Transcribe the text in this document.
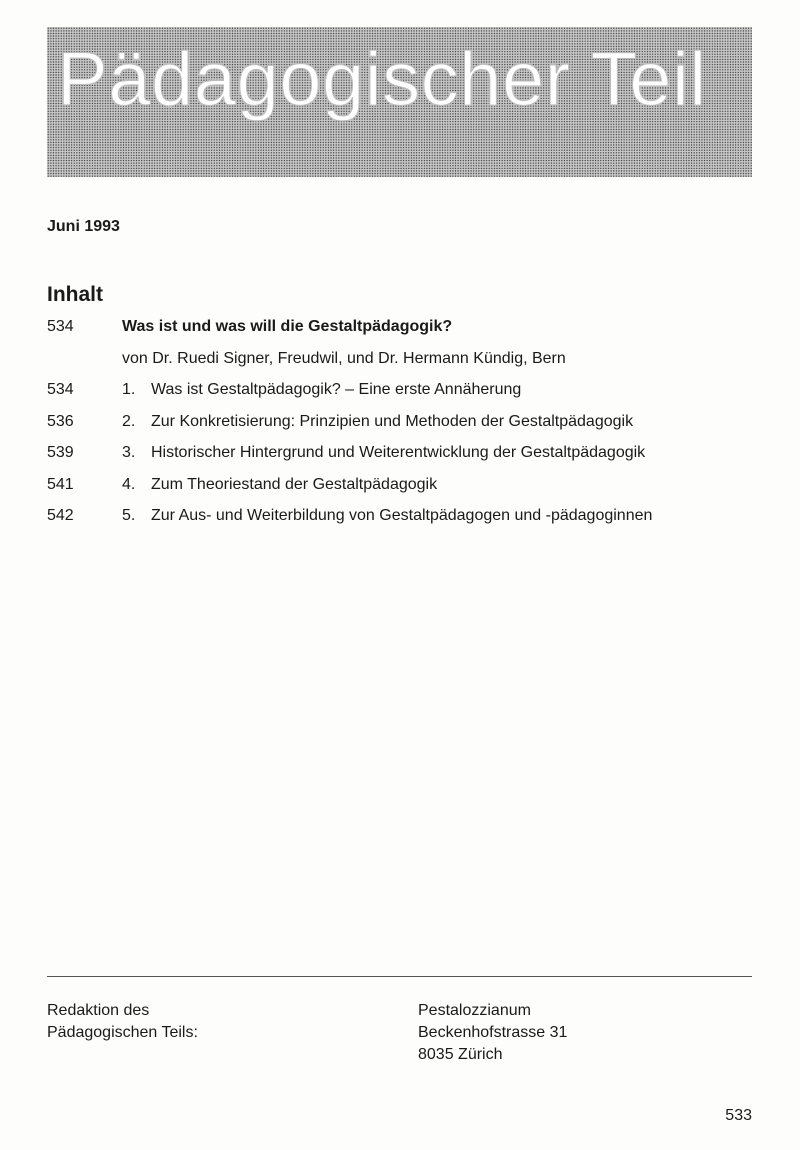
Pädagogischer Teil
Juni 1993
Inhalt
534	Was ist und was will die Gestaltpädagogik?
von Dr. Ruedi Signer, Freudwil, und Dr. Hermann Kündig, Bern
534	1. Was ist Gestaltpädagogik? – Eine erste Annäherung
536	2. Zur Konkretisierung: Prinzipien und Methoden der Gestaltpädagogik
539	3. Historischer Hintergrund und Weiterentwicklung der Gestaltpädagogik
541	4. Zum Theoriestand der Gestaltpädagogik
542	5. Zur Aus- und Weiterbildung von Gestaltpädagogen und -pädagoginnen
Redaktion des
Pädagogischen Teils:
Pestalozzianum
Beckenhofstrasse 31
8035 Zürich
533
